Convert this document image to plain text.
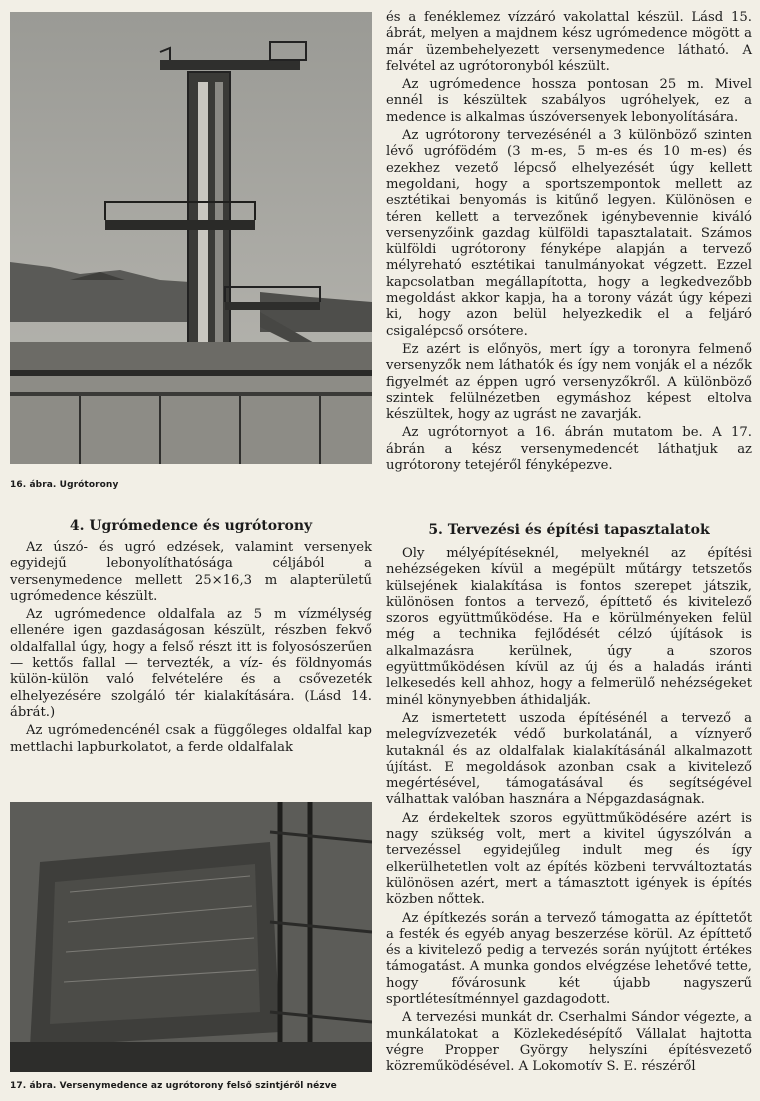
16. ábra. Ugrótorony
4. Ugrómedence és ugrótorony

Az úszó- és ugró edzések, valamint versenyek egyidejű lebonyolíthatósága céljából a versenymedence mellett 25×16,3 m alapterületű ugrómedence készült.

Az ugrómedence oldalfala az 5 m vízmélység ellenére igen gazdaságosan készült, részben fekvő oldalfallal úgy, hogy a felső részt itt is folyosószerűen — kettős fallal — tervezték, a víz- és földnyomás külön-külön való felvételére és a csővezeték elhelyezésére szolgáló tér kialakítására. (Lásd 14. ábrát.)

Az ugrómedencénél csak a függőleges oldalfal kap mettlachi lapburkolatot, a ferde oldalfalak

17. ábra. Versenymedence az ugrótorony felső szintjéről nézve

és a fenéklemez vízzáró vakolattal készül. Lásd 15. ábrát, melyen a majdnem kész ugrómedence mögött a már üzembehelyezett versenymedence látható. A felvétel az ugrótoronyból készült.

Az ugrómedence hossza pontosan 25 m. Mivel ennél is készültek szabályos ugróhelyek, ez a medence is alkalmas úszóversenyek lebonyolítására.

Az ugrótorony tervezésénél a 3 különböző szinten lévő ugrófödém (3 m-es, 5 m-es és 10 m-es) és ezekhez vezető lépcső elhelyezését úgy kellett megoldani, hogy a sportszempontok mellett az esztétikai benyomás is kitűnő legyen. Különösen e téren kellett a tervezőnek igénybevennie kiváló versenyzőink gazdag külföldi tapasztalatait. Számos külföldi ugrótorony fényképe alapján a tervező mélyreható esztétikai tanulmányokat végzett. Ezzel kapcsolatban megállapította, hogy a legkedvezőbb megoldást akkor kapja, ha a torony vázát úgy képezi ki, hogy azon belül helyezkedik el a feljáró csigalépcső orsótere.

Ez azért is előnyös, mert így a toronyra felmenő versenyzők nem láthatók és így nem vonják el a nézők figyelmét az éppen ugró versenyzőkről. A különböző szintek felülnézetben egymáshoz képest eltolva készültek, hogy az ugrást ne zavarják.

Az ugrótornyot a 16. ábrán mutatom be. A 17. ábrán a kész versenymedencét láthatjuk az ugrótorony tetejéről fényképezve.

5. Tervezési és építési tapasztalatok

Oly mélyépítéseknél, melyeknél az építési nehézségeken kívül a megépült műtárgy tetszetős külsejének kialakítása is fontos szerepet játszik, különösen fontos a tervező, építtető és kivitelező szoros együttműködése. Ha e körülményeken felül még a technika fejlődését célzó újítások is alkalmazásra kerülnek, úgy a szoros együttműködésen kívül az új és a haladás iránti lelkesedés kell ahhoz, hogy a felmerülő nehézségeket minél könynyebben áthidalják.

Az ismertetett uszoda építésénél a tervező a melegvízvezeték védő burkolatánál, a víznyerő kutaknál és az oldalfalak kialakításánál alkalmazott újítást. E megoldások azonban csak a kivitelező megértésével, támogatásával és segítségével válhattak valóban hasznára a Népgazdaságnak.

Az érdekeltek szoros együttműködésére azért is nagy szükség volt, mert a kivitel úgyszólván a tervezéssel egyidejűleg indult meg és így elkerülhetetlen volt az építés közbeni tervváltoztatás különösen azért, mert a támasztott igények is építés közben nőttek.

Az építkezés során a tervező támogatta az építtetőt a festék és egyéb anyag beszerzése körül. Az építtető és a kivitelező pedig a tervezés során nyújtott értékes támogatást. A munka gondos elvégzése lehetővé tette, hogy fővárosunk két újabb nagyszerű sportlétesítménnyel gazdagodott.

A tervezési munkát dr. Cserhalmi Sándor végezte, a munkálatokat a Közlekedésépítő Vállalat hajtotta végre Propper György helyszíni építésvezető közreműködésével. A Lokomotív S. E. részéről
